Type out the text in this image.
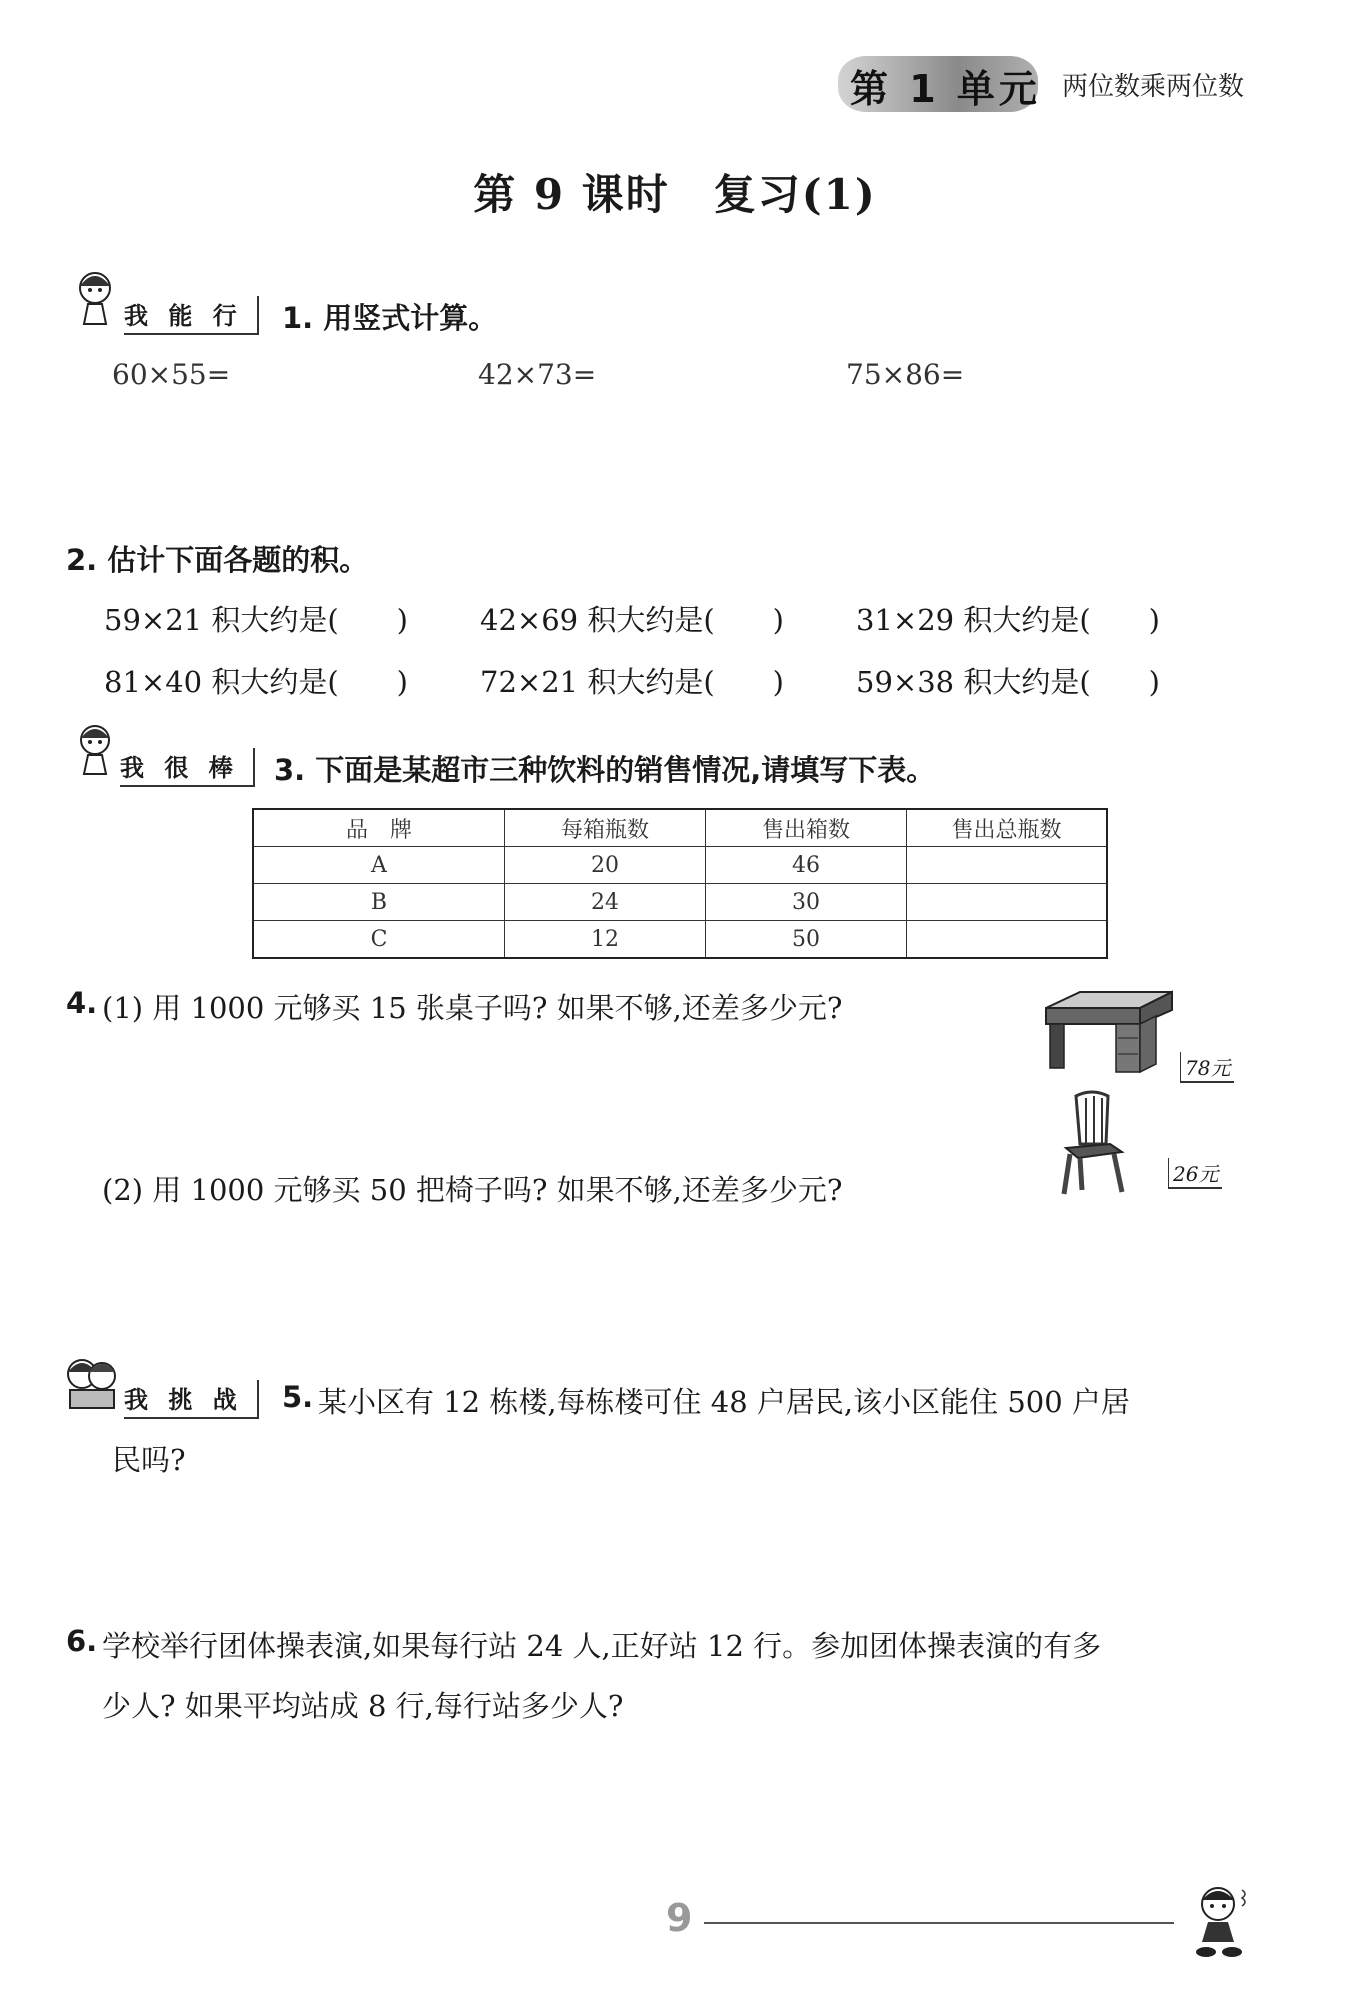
第 1 单元 两位数乘两位数
第 9 课时　复习(1)
我 能 行	1. 用竖式计算。
60×55=	42×73=	75×86=
2. 估计下面各题的积。
59×21 积大约是(　　) 42×69 积大约是(　　) 31×29 积大约是(　　)
81×40 积大约是(　　) 72×21 积大约是(　　) 59×38 积大约是(　　)
我 很 棒	3. 下面是某超市三种饮料的销售情况,请填写下表。
品　牌	每箱瓶数	售出箱数	售出总瓶数
A	20	46	
B	24	30	
C	12	50	
4. (1) 用 1000 元够买 15 张桌子吗? 如果不够,还差多少元?
(2) 用 1000 元够买 50 把椅子吗? 如果不够,还差多少元?
78元
26元
我 挑 战	5. 某小区有 12 栋楼,每栋楼可住 48 户居民,该小区能住 500 户居
民吗?
6. 学校举行团体操表演,如果每行站 24 人,正好站 12 行。参加团体操表演的有多
少人? 如果平均站成 8 行,每行站多少人?
9
